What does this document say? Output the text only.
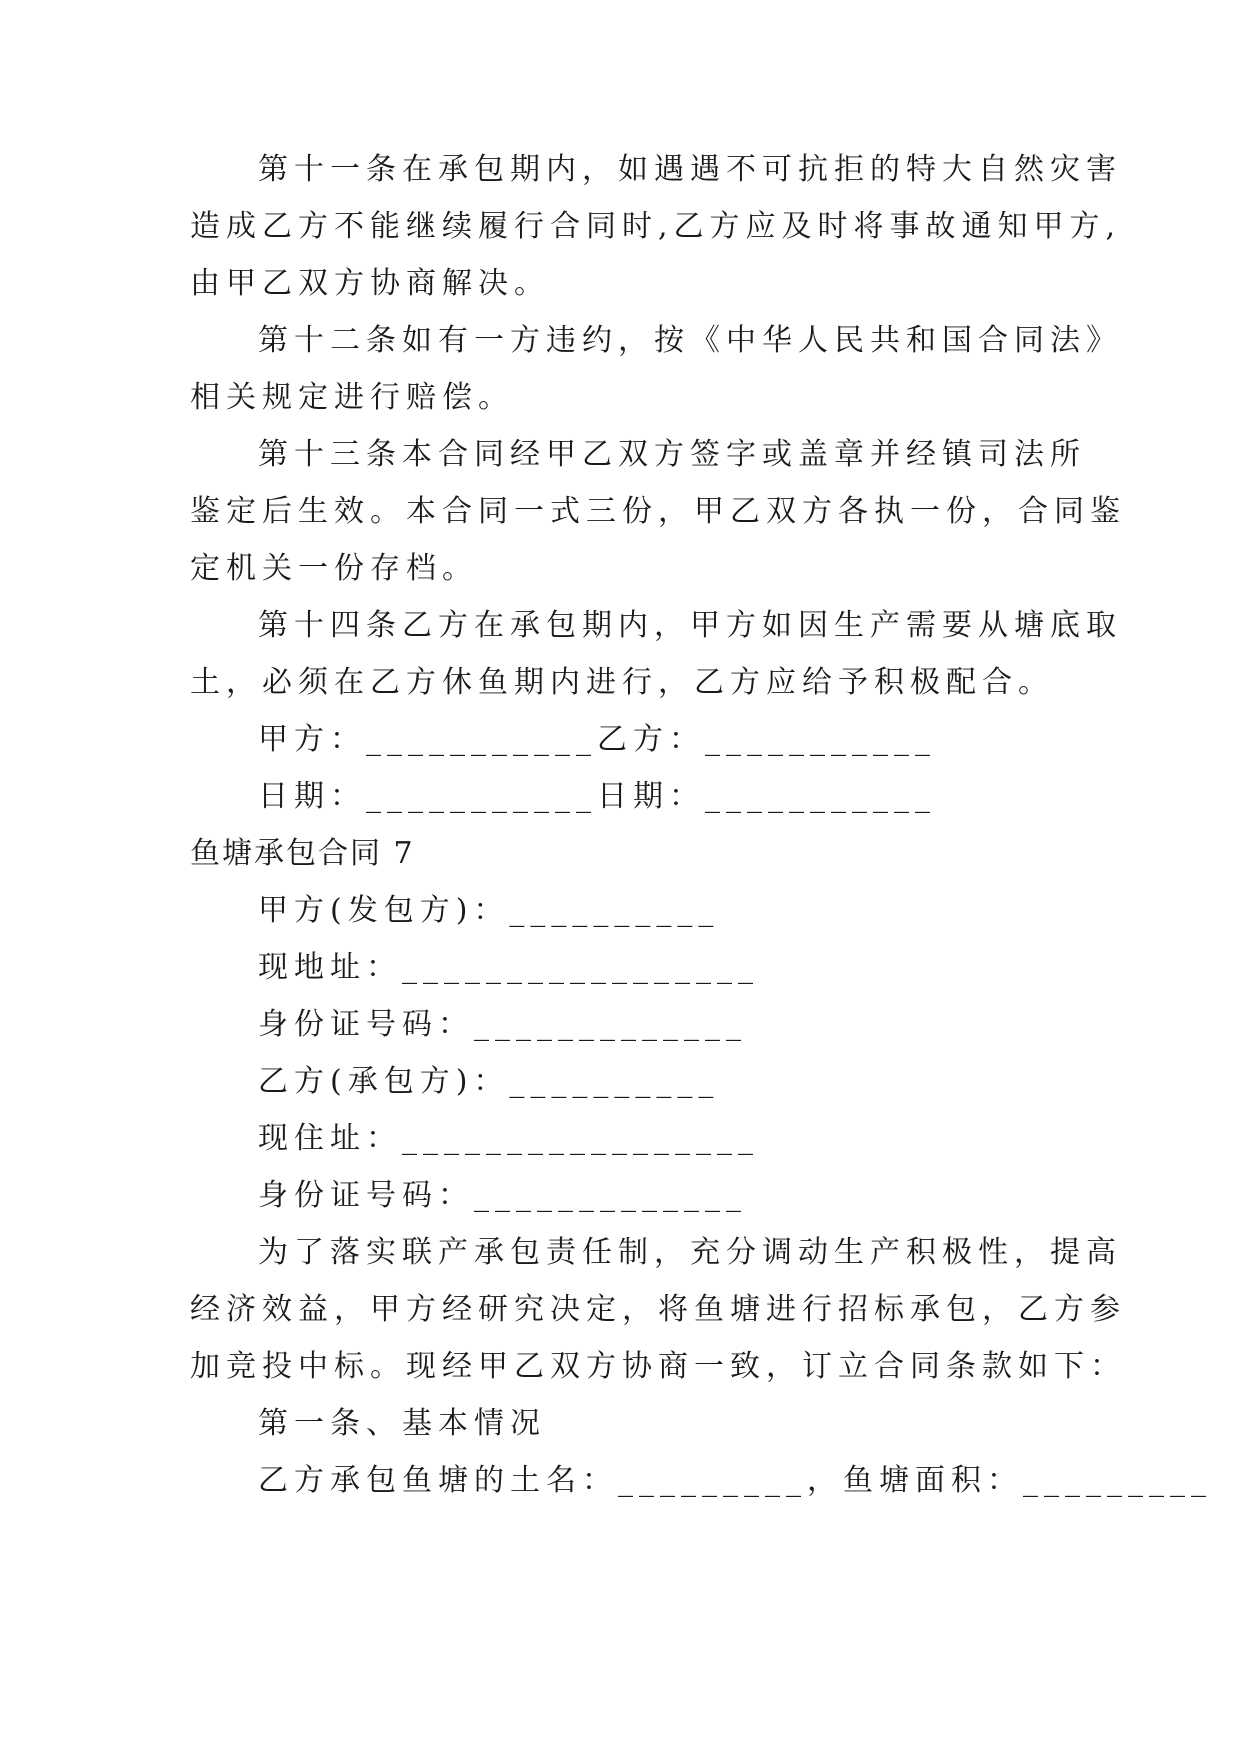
第十一条在承包期内，如遇遇不可抗拒的特大自然灾害
造成乙方不能继续履行合同时,乙方应及时将事故通知甲方,
由甲乙双方协商解决。
第十二条如有一方违约，按《中华人民共和国合同法》
相关规定进行赔偿。
第十三条本合同经甲乙双方签字或盖章并经镇司法所
鉴定后生效。本合同一式三份，甲乙双方各执一份，合同鉴
定机关一份存档。
第十四条乙方在承包期内，甲方如因生产需要从塘底取
土，必须在乙方休鱼期内进行，乙方应给予积极配合。
甲方：___________乙方：___________
日期：___________日期：___________
鱼塘承包合同 7
甲方(发包方)：__________
现地址：_________________
身份证号码：_____________
乙方(承包方)：__________
现住址：_________________
身份证号码：_____________
为了落实联产承包责任制，充分调动生产积极性，提高
经济效益，甲方经研究决定，将鱼塘进行招标承包，乙方参
加竞投中标。现经甲乙双方协商一致，订立合同条款如下：
第一条、基本情况
乙方承包鱼塘的土名：_________，鱼塘面积：_________
